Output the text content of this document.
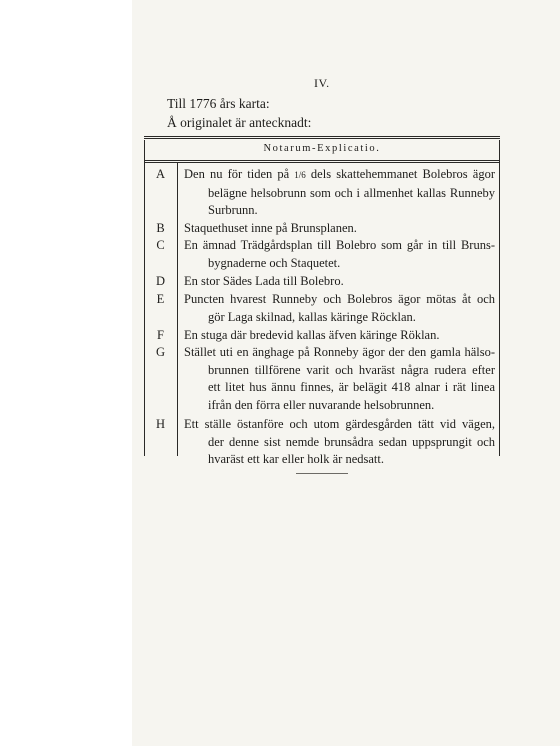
IV.
Till 1776 års karta:
Å originalet är antecknadt:
Notarum-Explicatio.
A	Den nu för tiden på 1/6 dels skattehemmanet Bolebros ägor
belägne helsobrunn som och i allmenhet kallas Runneby
Surbrunn.
B	Staquethuset inne på Brunsplanen.
C	En ämnad Trädgårdsplan till Bolebro som går in till Bruns-
bygnaderne och Staquetet.
D	En stor Sädes Lada till Bolebro.
E	Puncten hvarest Runneby och Bolebros ägor mötas åt och
gör Laga skilnad, kallas käringe Röcklan.
F	En stuga där bredevid kallas äfven käringe Röklan.
G	Stället uti en änghage på Ronneby ägor der den gamla hälso-
brunnen tillförene varit och hvaräst några rudera efter
ett litet hus ännu finnes, är belägit 418 alnar i rät linea
ifrån den förra eller nuvarande helsobrunnen.
H	Ett ställe östanföre och utom gärdesgården tätt vid vägen,
der denne sist nemde brunsådra sedan uppsprungit och
hvaräst ett kar eller holk är nedsatt.
